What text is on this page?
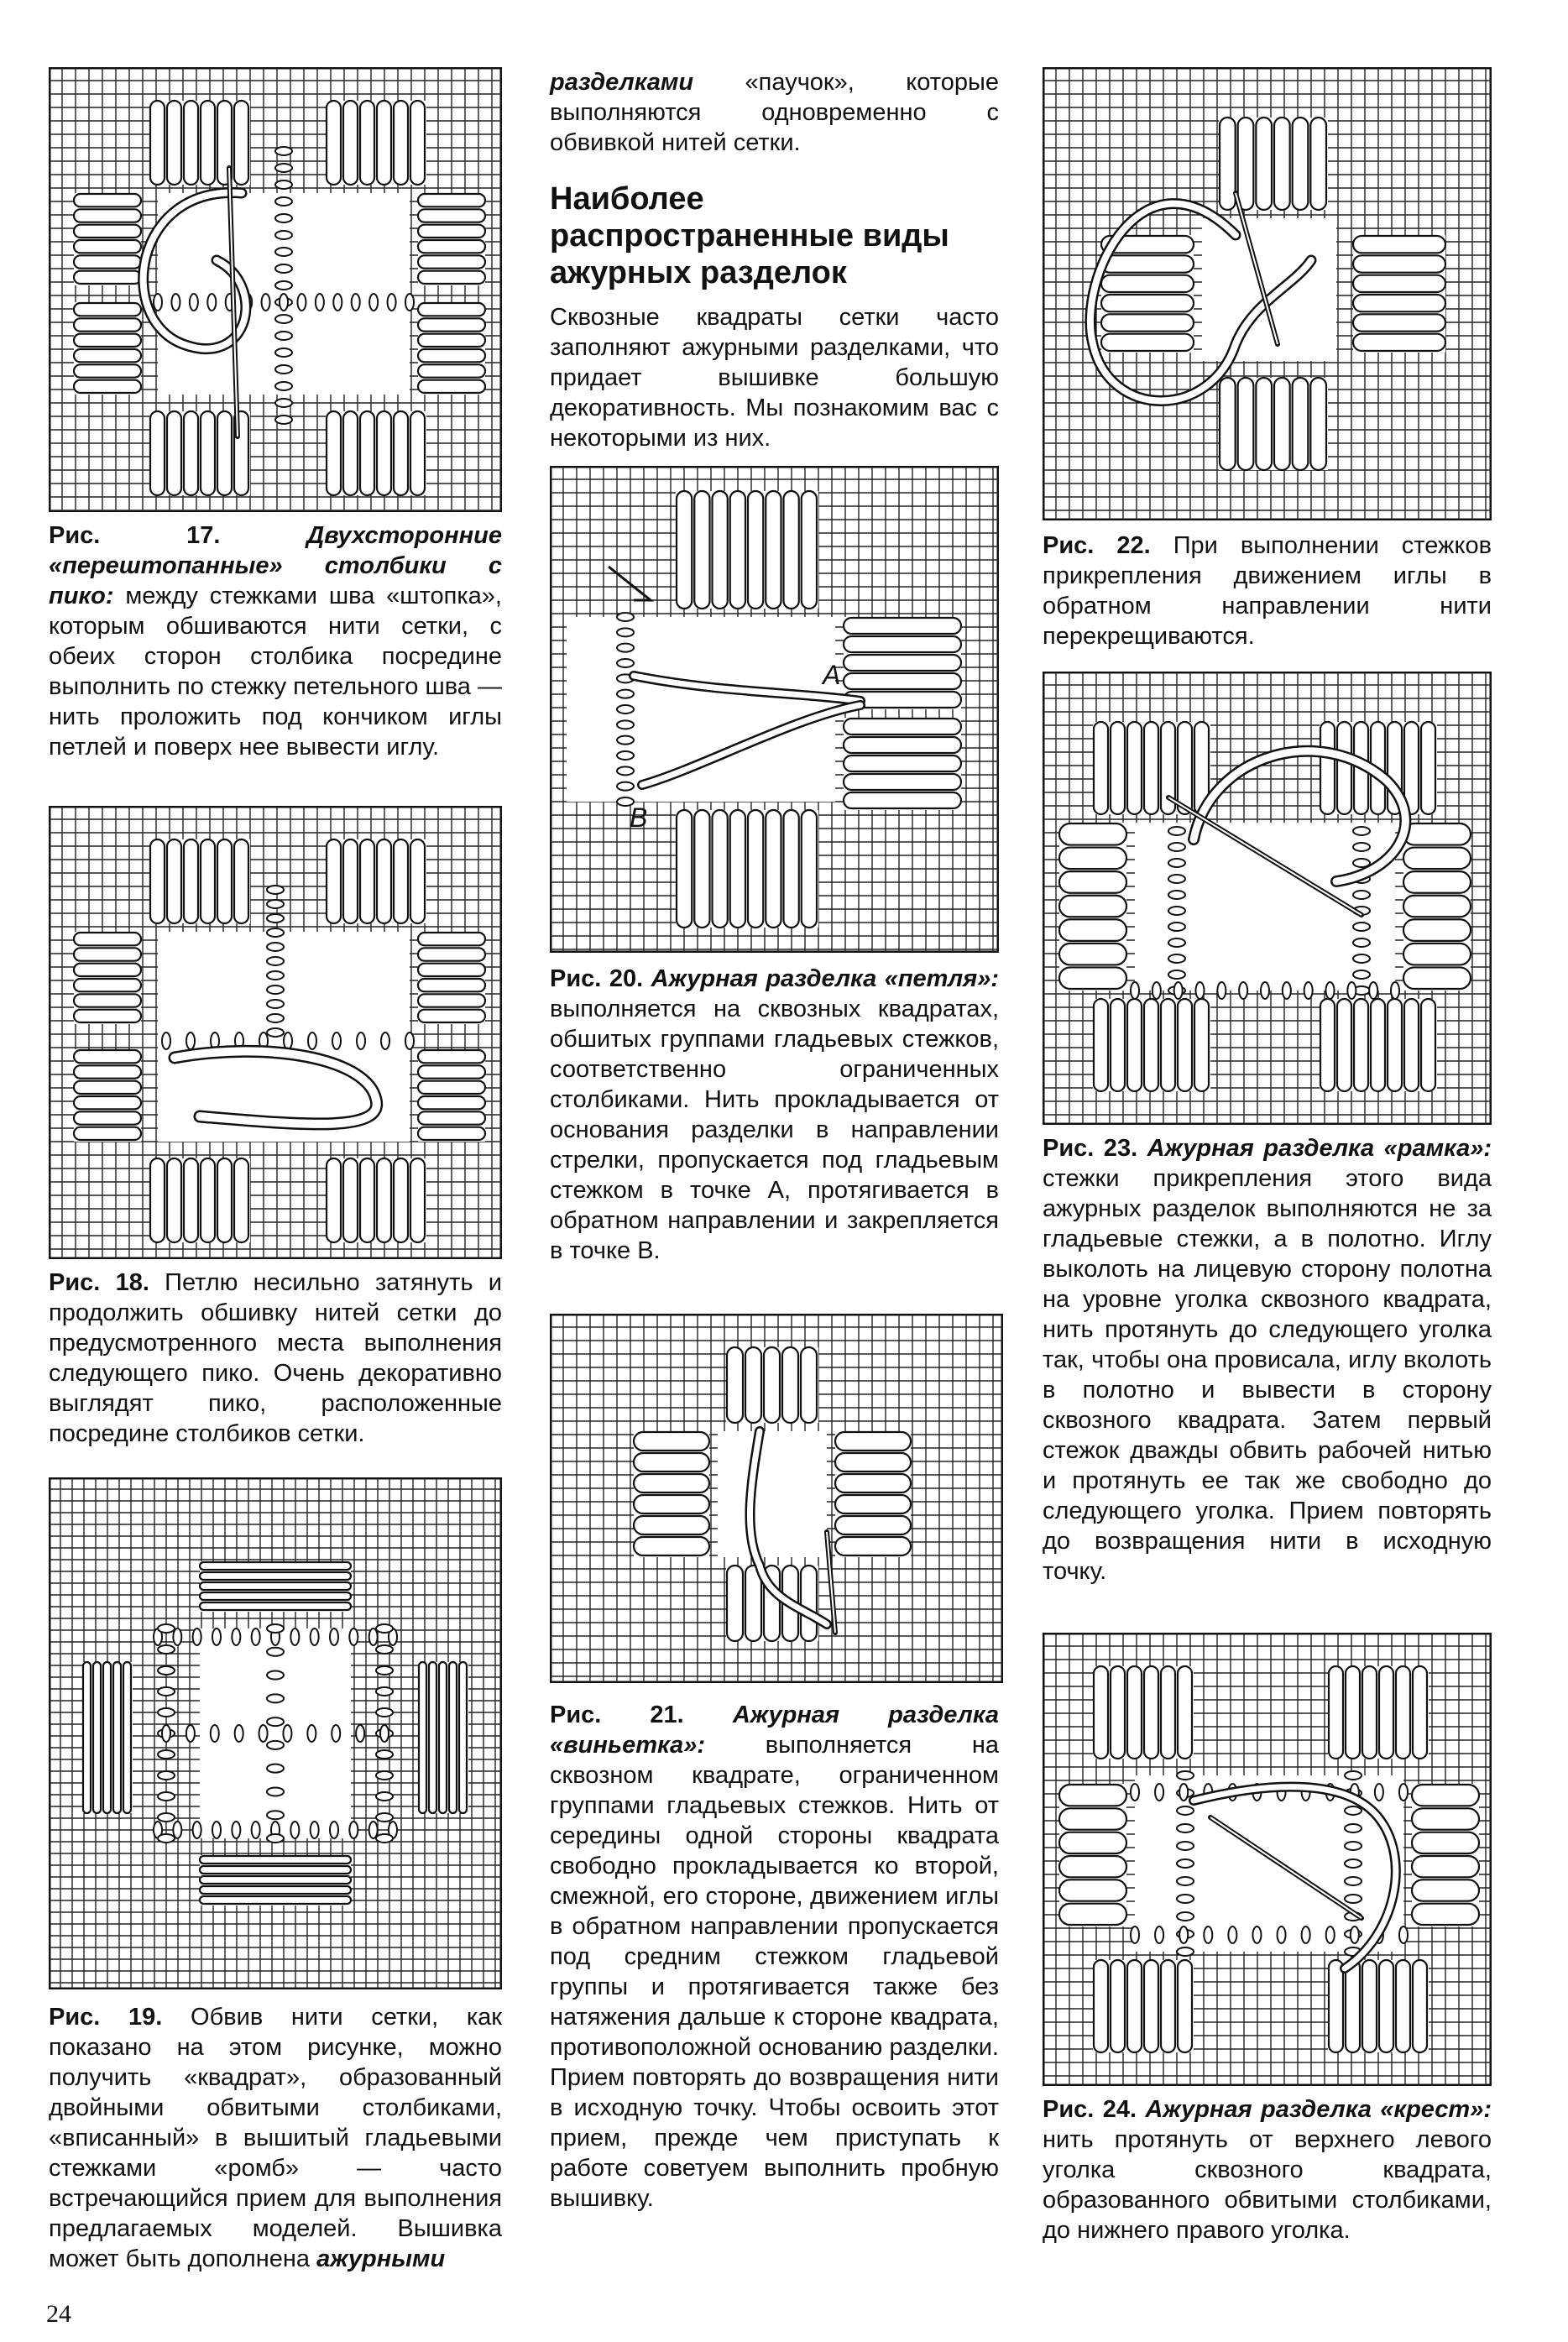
A
B
Рис. 17.	Двухсторонние «перештопанные» столбики с пико: между стежками шва «штопка», которым обшиваются нити сетки, с обеих сторон столбика посредине выполнить по стежку петельного шва — нить проложить под кончиком иглы петлей и поверх нее вывести иглу.
Рис. 18. Петлю несильно затянуть и продолжить обшивку нитей сетки до предусмотренного места выполнения следующего пико. Очень декоративно выглядят пико, расположенные посредине столбиков сетки.
Рис. 19. Обвив нити сетки, как показано на этом рисунке, можно получить «квадрат», образованный двойными обвитыми столбиками, «вписанный» в вышитый гладьевыми стежками «ромб» — часто встречающийся прием для выполнения предлагаемых моделей. Вышивка может быть дополнена ажурными
разделками «паучок», которые выполняются одновременно с обвивкой нитей сетки.
Наиболее распространенные виды ажурных разделок
Сквозные квадраты сетки часто заполняют ажурными разделками, что придает вышивке большую декоративность. Мы познакомим вас с некоторыми из них.
Рис. 20. Ажурная разделка «петля»: выполняется на сквозных квадратах, обшитых группами гладьевых стежков, соответственно ограниченных столбиками. Нить прокладывается от основания разделки в направлении стрелки, пропускается под гладьевым стежком в точке А, протягивается в обратном направлении и закрепляется в точке В.
Рис. 21. Ажурная разделка «виньетка»: выполняется на сквозном квадрате, ограниченном группами гладьевых стежков. Нить от середины одной стороны квадрата свободно прокладывается ко второй, смежной, его стороне, движением иглы в обратном направлении пропускается под средним стежком гладьевой группы и протягивается также без натяжения дальше к стороне квадрата, противоположной основанию разделки. Прием повторять до возвращения нити в исходную точку. Чтобы освоить этот прием, прежде чем приступать к работе советуем выполнить пробную вышивку.
Рис. 22. При выполнении стежков прикрепления движением иглы в обратном направлении нити перекрещиваются.
Рис. 23. Ажурная разделка «рамка»: стежки прикрепления этого вида ажурных разделок выполняются не за гладьевые стежки, а в полотно. Иглу выколоть на лицевую сторону полотна на уровне уголка сквозного квадрата, нить протянуть до следующего уголка так, чтобы она провисала, иглу вколоть в полотно и вывести в сторону сквозного квадрата. Затем первый стежок дважды обвить рабочей нитью и протянуть ее так же свободно до следующего уголка. Прием повторять до возвращения нити в исходную точку.
Рис. 24. Ажурная разделка «крест»: нить протянуть от верхнего левого уголка сквозного квадрата, образованного обвитыми столбиками, до нижнего правого уголка.
24
